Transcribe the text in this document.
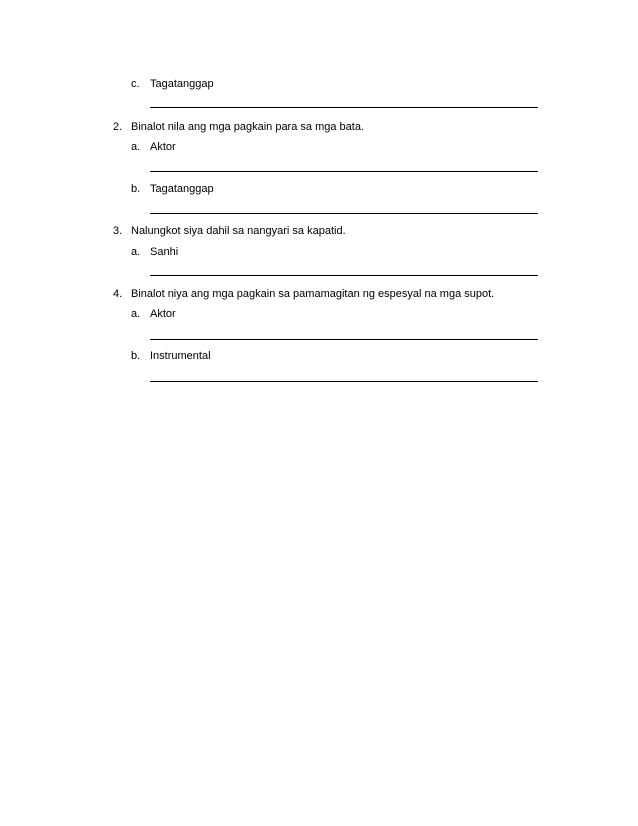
c. Tagatanggap
2. Binalot nila ang mga pagkain para sa mga bata.
a. Aktor
b. Tagatanggap
3. Nalungkot siya dahil sa nangyari sa kapatid.
a. Sanhi
4. Binalot niya ang mga pagkain sa pamamagitan ng espesyal na mga supot.
a. Aktor
b. Instrumental
